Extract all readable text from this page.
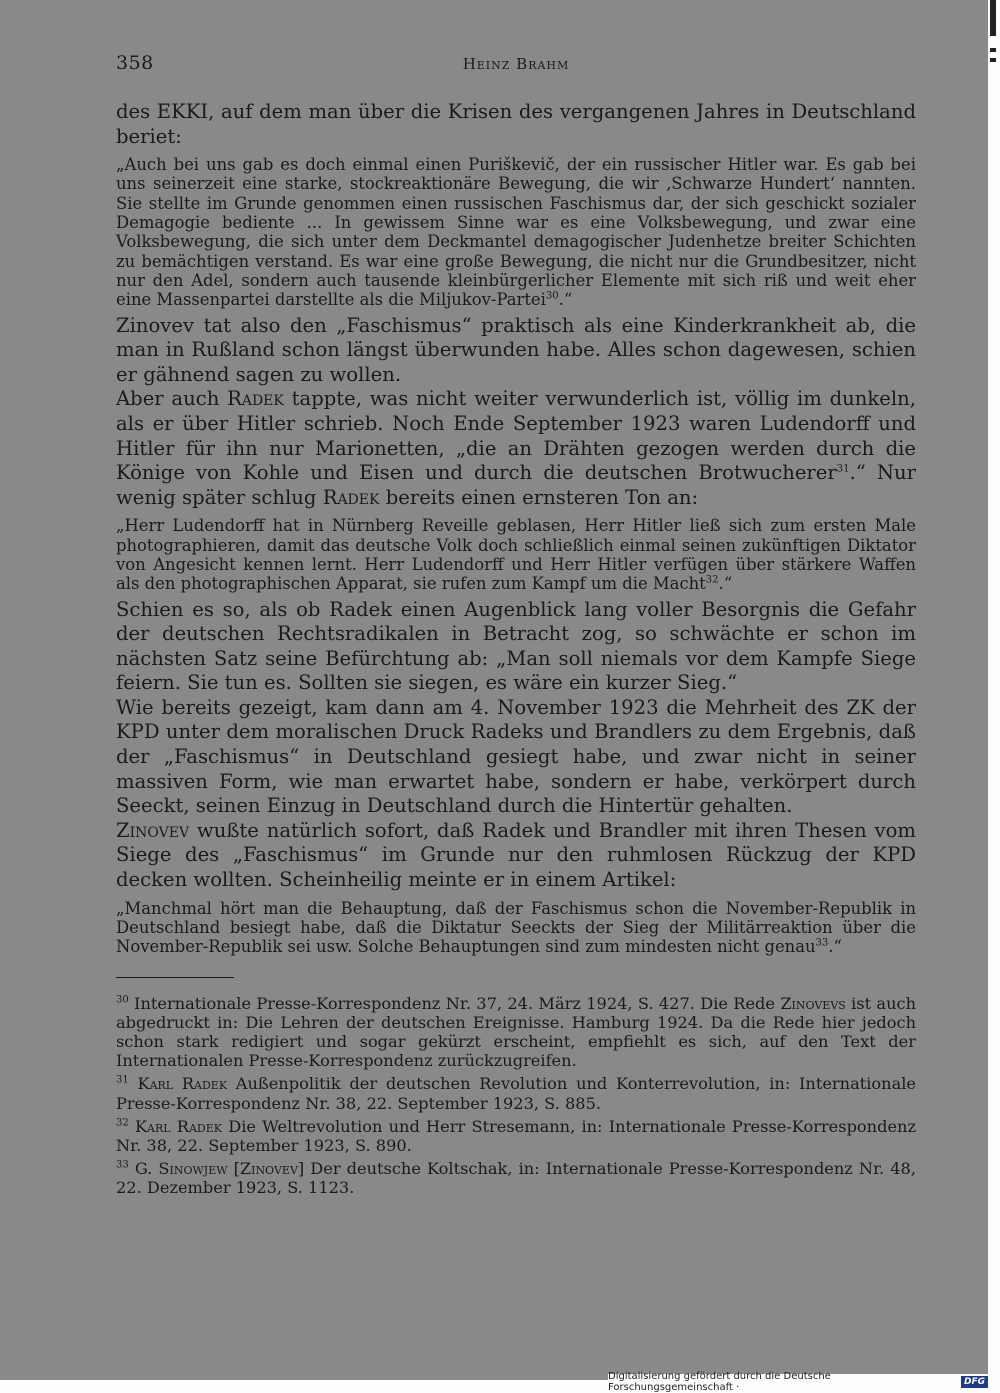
358	Heinz Brahm

des EKKI, auf dem man über die Krisen des vergangenen Jahres in Deutschland beriet:

„Auch bei uns gab es doch einmal einen Puriškevič, der ein russischer Hitler war. Es gab bei uns seinerzeit eine starke, stockreaktionäre Bewegung, die wir ‚Schwarze Hundert‘ nannten. Sie stellte im Grunde genommen einen russischen Faschismus dar, der sich geschickt sozialer Demagogie bediente ... In gewissem Sinne war es eine Volksbewegung, und zwar eine Volksbewegung, die sich unter dem Deckmantel demagogischer Judenhetze breiter Schichten zu bemächtigen verstand. Es war eine große Bewegung, die nicht nur die Grundbesitzer, nicht nur den Adel, sondern auch tausende kleinbürgerlicher Elemente mit sich riß und weit eher eine Massenpartei darstellte als die Miljukov-Partei$^{30}$.“

Zinovev tat also den „Faschismus“ praktisch als eine Kinderkrankheit ab, die man in Rußland schon längst überwunden habe. Alles schon dagewesen, schien er gähnend sagen zu wollen.

Aber auch Radek tappte, was nicht weiter verwunderlich ist, völlig im dunkeln, als er über Hitler schrieb. Noch Ende September 1923 waren Ludendorff und Hitler für ihn nur Marionetten, „die an Drähten gezogen werden durch die Könige von Kohle und Eisen und durch die deutschen Brotwucherer$^{31}$.“ Nur wenig später schlug Radek bereits einen ernsteren Ton an:

„Herr Ludendorff hat in Nürnberg Reveille geblasen, Herr Hitler ließ sich zum ersten Male photographieren, damit das deutsche Volk doch schließlich einmal seinen zukünftigen Diktator von Angesicht kennen lernt. Herr Ludendorff und Herr Hitler verfügen über stärkere Waffen als den photographischen Apparat, sie rufen zum Kampf um die Macht$^{32}$.“

Schien es so, als ob Radek einen Augenblick lang voller Besorgnis die Gefahr der deutschen Rechtsradikalen in Betracht zog, so schwächte er schon im nächsten Satz seine Befürchtung ab: „Man soll niemals vor dem Kampfe Siege feiern. Sie tun es. Sollten sie siegen, es wäre ein kurzer Sieg.“

Wie bereits gezeigt, kam dann am 4. November 1923 die Mehrheit des ZK der KPD unter dem moralischen Druck Radeks und Brandlers zu dem Ergebnis, daß der „Faschismus“ in Deutschland gesiegt habe, und zwar nicht in seiner massiven Form, wie man erwartet habe, sondern er habe, verkörpert durch Seeckt, seinen Einzug in Deutschland durch die Hintertür gehalten.

Zinovev wußte natürlich sofort, daß Radek und Brandler mit ihren Thesen vom Siege des „Faschismus“ im Grunde nur den ruhmlosen Rückzug der KPD decken wollten. Scheinheilig meinte er in einem Artikel:

„Manchmal hört man die Behauptung, daß der Faschismus schon die November-Republik in Deutschland besiegt habe, daß die Diktatur Seeckts der Sieg der Militärreaktion über die November-Republik sei usw. Solche Behauptungen sind zum mindesten nicht genau$^{33}$.“

$^{30}$ Internationale Presse-Korrespondenz Nr. 37, 24. März 1924, S. 427. Die Rede Zinovevs ist auch abgedruckt in: Die Lehren der deutschen Ereignisse. Hamburg 1924. Da die Rede hier jedoch schon stark redigiert und sogar gekürzt erscheint, empfiehlt es sich, auf den Text der Internationalen Presse-Korrespondenz zurückzugreifen.

$^{31}$ Karl Radek Außenpolitik der deutschen Revolution und Konterrevolution, in: Internationale Presse-Korrespondenz Nr. 38, 22. September 1923, S. 885.

$^{32}$ Karl Radek Die Weltrevolution und Herr Stresemann, in: Internationale Presse-Korrespondenz Nr. 38, 22. September 1923, S. 890.

$^{33}$ G. Sinowjew [Zinovev] Der deutsche Koltschak, in: Internationale Presse-Korrespondenz Nr. 48, 22. Dezember 1923, S. 1123.

Digitalisierung gefördert durch die Deutsche Forschungsgemeinschaft ·	DFG
